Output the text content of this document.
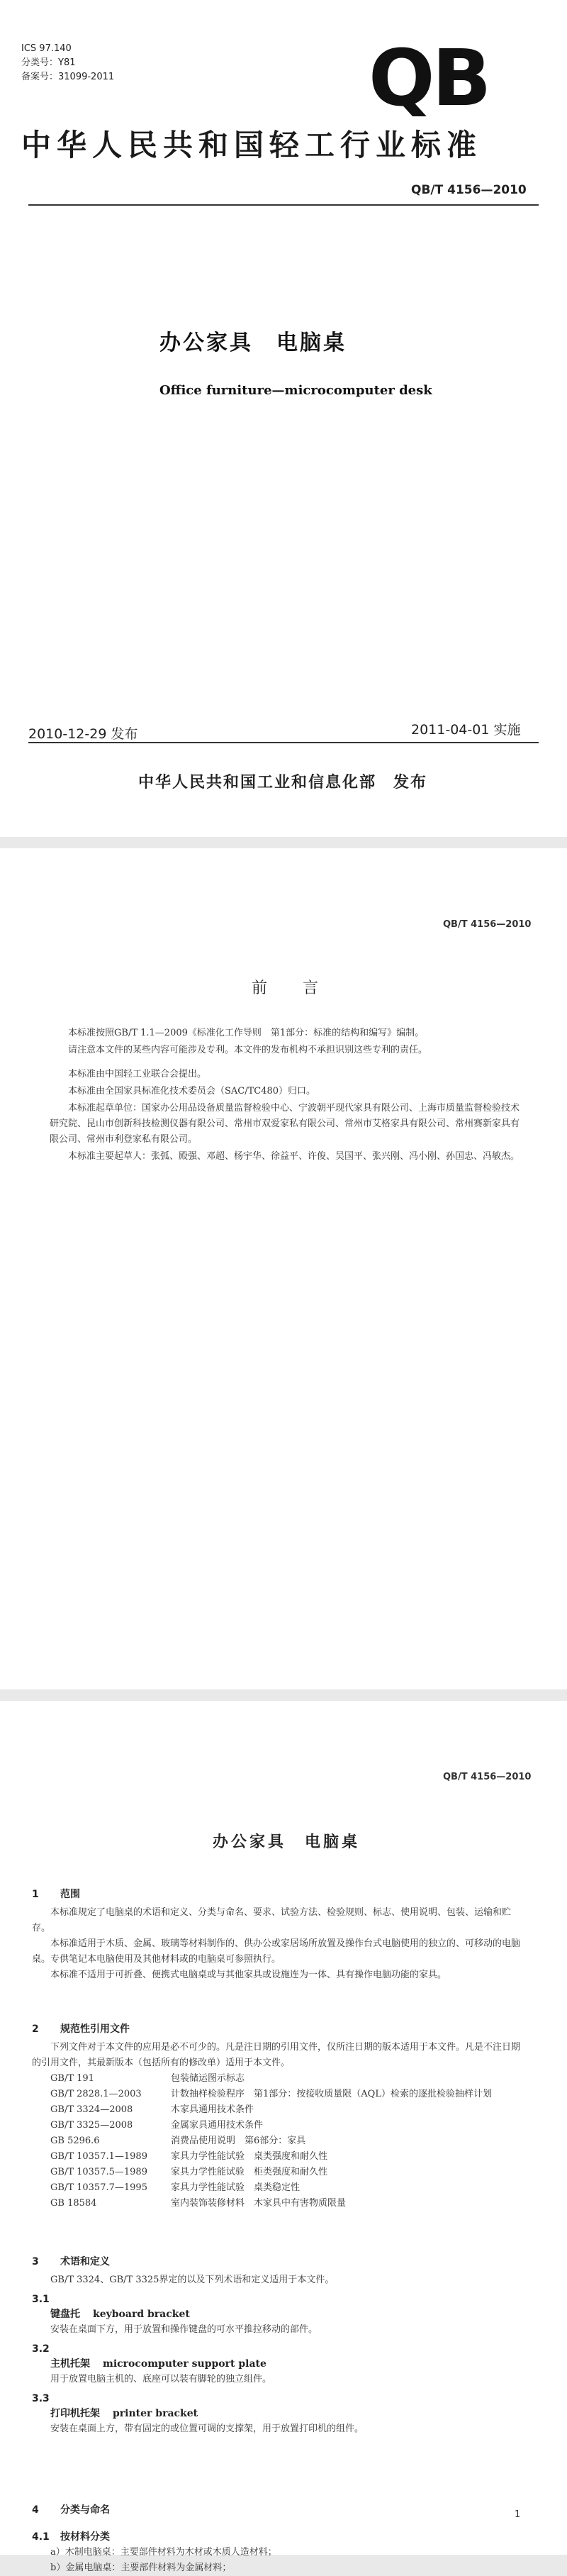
ICS 97.140
分类号：Y81
备案号：31099-2011	QB
中华人民共和国轻工行业标准
QB/T 4156—2010
办公家具　电脑桌
Office furniture—microcomputer desk
2010-12-29 发布	2011-04-01 实施
中华人民共和国工业和信息化部　发布
QB/T 4156—2010
前　言

本标准按照GB/T 1.1—2009《标准化工作导则　第1部分：标准的结构和编写》编制。

请注意本文件的某些内容可能涉及专利。本文件的发布机构不承担识别这些专利的责任。

本标准由中国轻工业联合会提出。

本标准由全国家具标准化技术委员会（SAC/TC480）归口。

本标准起草单位：国家办公用品设备质量监督检验中心、宁波朝平现代家具有限公司、上海市质量监督检验技术研究院、昆山市创新科技检测仪器有限公司、常州市双爱家私有限公司、常州市艾格家具有限公司、常州赛新家具有限公司、常州市利登家私有限公司。

本标准主要起草人：张弧、殿强、邓超、杨宇华、徐益平、许俊、吴国平、张兴刚、冯小刚、孙国忠、冯敏杰。

QB/T 4156—2010
办公家具　电脑桌
1 范围

本标准规定了电脑桌的术语和定义、分类与命名、要求、试验方法、检验规则、标志、使用说明、包装、运输和贮存。

本标准适用于木质、金属、玻璃等材料制作的、供办公或家居场所放置及操作台式电脑使用的独立的、可移动的电脑桌。专供笔记本电脑使用及其他材料或的电脑桌可参照执行。

本标准不适用于可折叠、便携式电脑桌或与其他家具或设施连为一体、具有操作电脑功能的家具。

2 规范性引用文件

下列文件对于本文件的应用是必不可少的。凡是注日期的引用文件，仅所注日期的版本适用于本文件。凡是不注日期的引用文件，其最新版本（包括所有的修改单）适用于本文件。

GB/T 191	包装储运图示标志

GB/T 2828.1—2003	计数抽样检验程序　第1部分：按接收质量限（AQL）检索的逐批检验抽样计划

GB/T 3324—2008	木家具通用技术条件

GB/T 3325—2008	金属家具通用技术条件

GB 5296.6	消费品使用说明　第6部分：家具

GB/T 10357.1—1989	家具力学性能试验　桌类强度和耐久性

GB/T 10357.5—1989	家具力学性能试验　柜类强度和耐久性

GB/T 10357.7—1995	家具力学性能试验　桌类稳定性

GB 18584	室内装饰装修材料　木家具中有害物质限量

3 术语和定义

GB/T 3324、GB/T 3325界定的以及下列术语和定义适用于本文件。

3.1
键盘托 keyboard bracket

安装在桌面下方，用于放置和操作键盘的可水平推拉移动的部件。

3.2
主机托架 microcomputer support plate

用于放置电脑主机的、底座可以装有脚轮的独立组件。

3.3
打印机托架 printer bracket

安装在桌面上方，带有固定的或位置可调的支撑架，用于放置打印机的组件。

4 分类与命名
4.1 按材料分类

a）木制电脑桌：主要部件材料为木材或木质人造材料；

b）金属电脑桌：主要部件材料为金属材料；

1
